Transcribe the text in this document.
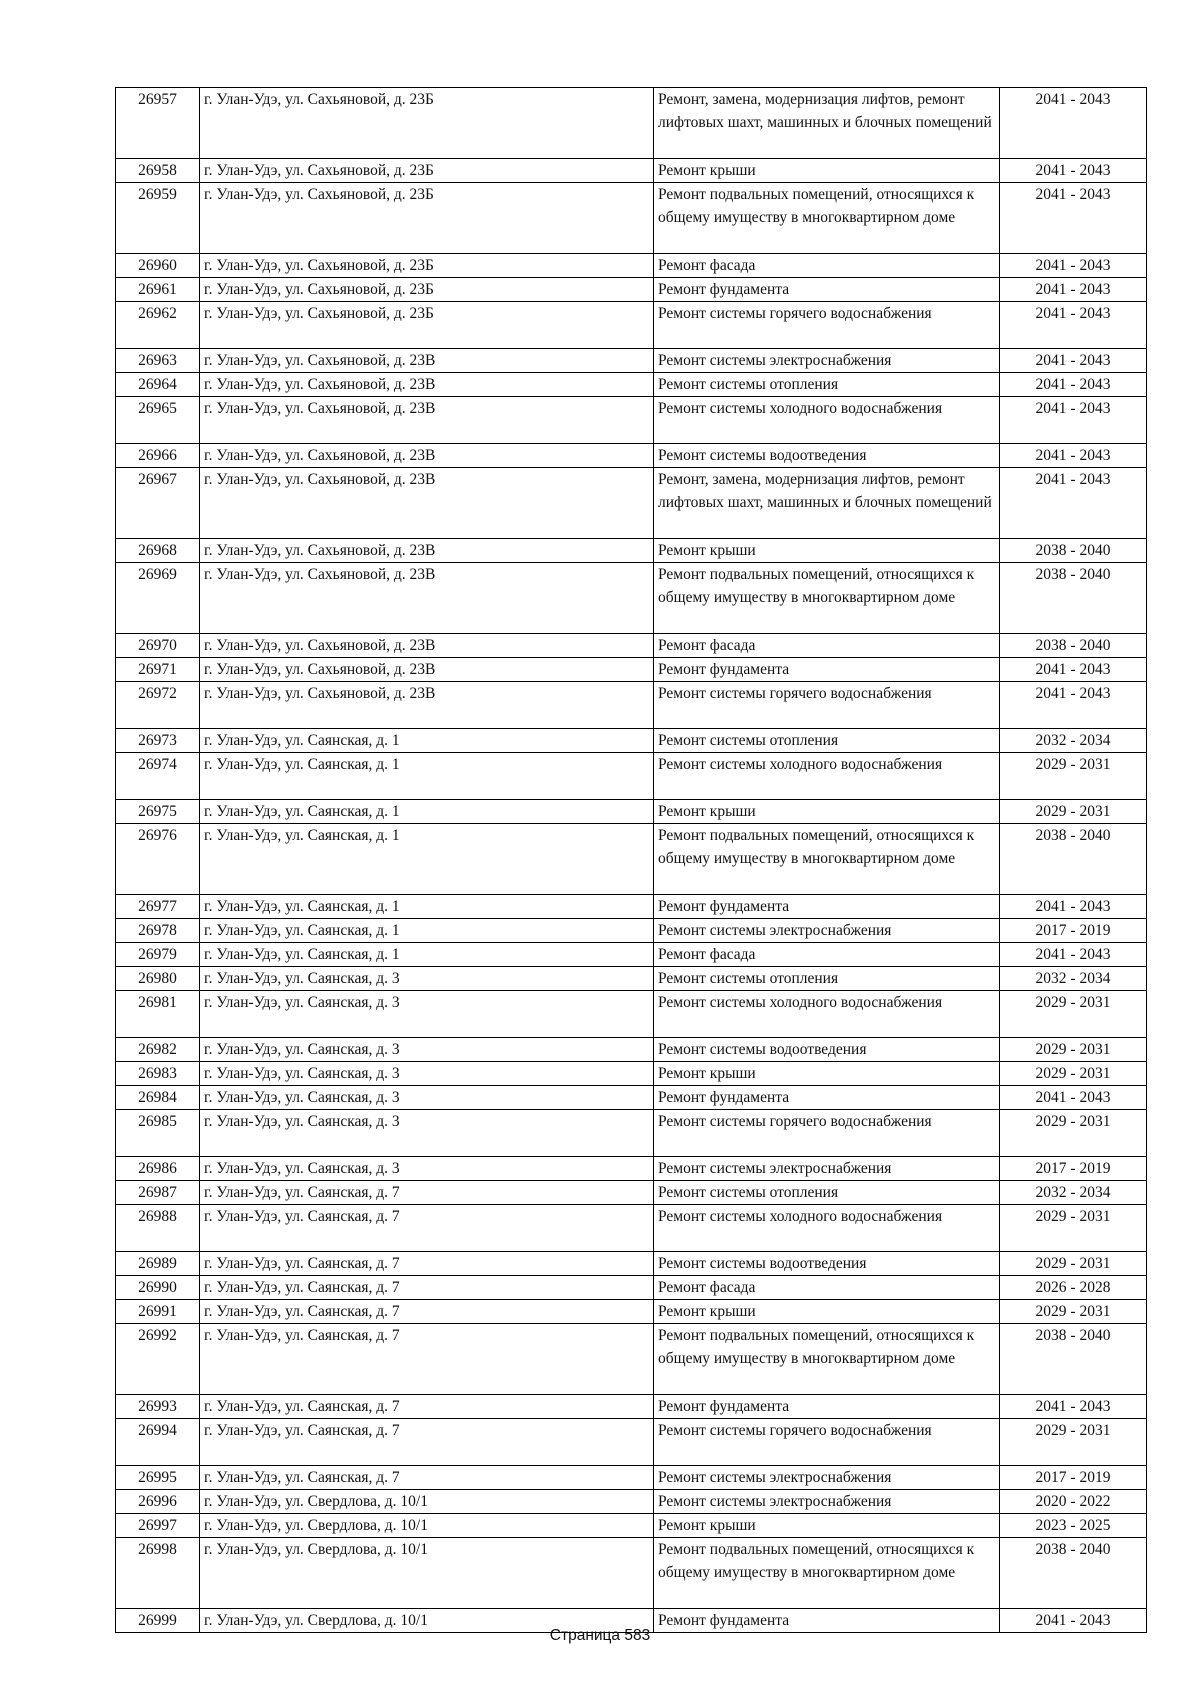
26957	г. Улан-Удэ, ул. Сахьяновой, д. 23Б	Ремонт, замена, модернизация лифтов, ремонт лифтовых шахт, машинных и блочных помещений	2041 - 2043
26958	г. Улан-Удэ, ул. Сахьяновой, д. 23Б	Ремонт крыши	2041 - 2043
26959	г. Улан-Удэ, ул. Сахьяновой, д. 23Б	Ремонт подвальных помещений, относящихся к общему имуществу в многоквартирном доме	2041 - 2043
26960	г. Улан-Удэ, ул. Сахьяновой, д. 23Б	Ремонт фасада	2041 - 2043
26961	г. Улан-Удэ, ул. Сахьяновой, д. 23Б	Ремонт фундамента	2041 - 2043
26962	г. Улан-Удэ, ул. Сахьяновой, д. 23Б	Ремонт системы горячего водоснабжения	2041 - 2043
26963	г. Улан-Удэ, ул. Сахьяновой, д. 23В	Ремонт системы электроснабжения	2041 - 2043
26964	г. Улан-Удэ, ул. Сахьяновой, д. 23В	Ремонт системы отопления	2041 - 2043
26965	г. Улан-Удэ, ул. Сахьяновой, д. 23В	Ремонт системы холодного водоснабжения	2041 - 2043
26966	г. Улан-Удэ, ул. Сахьяновой, д. 23В	Ремонт системы водоотведения	2041 - 2043
26967	г. Улан-Удэ, ул. Сахьяновой, д. 23В	Ремонт, замена, модернизация лифтов, ремонт лифтовых шахт, машинных и блочных помещений	2041 - 2043
26968	г. Улан-Удэ, ул. Сахьяновой, д. 23В	Ремонт крыши	2038 - 2040
26969	г. Улан-Удэ, ул. Сахьяновой, д. 23В	Ремонт подвальных помещений, относящихся к общему имуществу в многоквартирном доме	2038 - 2040
26970	г. Улан-Удэ, ул. Сахьяновой, д. 23В	Ремонт фасада	2038 - 2040
26971	г. Улан-Удэ, ул. Сахьяновой, д. 23В	Ремонт фундамента	2041 - 2043
26972	г. Улан-Удэ, ул. Сахьяновой, д. 23В	Ремонт системы горячего водоснабжения	2041 - 2043
26973	г. Улан-Удэ, ул. Саянская, д. 1	Ремонт системы отопления	2032 - 2034
26974	г. Улан-Удэ, ул. Саянская, д. 1	Ремонт системы холодного водоснабжения	2029 - 2031
26975	г. Улан-Удэ, ул. Саянская, д. 1	Ремонт крыши	2029 - 2031
26976	г. Улан-Удэ, ул. Саянская, д. 1	Ремонт подвальных помещений, относящихся к общему имуществу в многоквартирном доме	2038 - 2040
26977	г. Улан-Удэ, ул. Саянская, д. 1	Ремонт фундамента	2041 - 2043
26978	г. Улан-Удэ, ул. Саянская, д. 1	Ремонт системы электроснабжения	2017 - 2019
26979	г. Улан-Удэ, ул. Саянская, д. 1	Ремонт фасада	2041 - 2043
26980	г. Улан-Удэ, ул. Саянская, д. 3	Ремонт системы отопления	2032 - 2034
26981	г. Улан-Удэ, ул. Саянская, д. 3	Ремонт системы холодного водоснабжения	2029 - 2031
26982	г. Улан-Удэ, ул. Саянская, д. 3	Ремонт системы водоотведения	2029 - 2031
26983	г. Улан-Удэ, ул. Саянская, д. 3	Ремонт крыши	2029 - 2031
26984	г. Улан-Удэ, ул. Саянская, д. 3	Ремонт фундамента	2041 - 2043
26985	г. Улан-Удэ, ул. Саянская, д. 3	Ремонт системы горячего водоснабжения	2029 - 2031
26986	г. Улан-Удэ, ул. Саянская, д. 3	Ремонт системы электроснабжения	2017 - 2019
26987	г. Улан-Удэ, ул. Саянская, д. 7	Ремонт системы отопления	2032 - 2034
26988	г. Улан-Удэ, ул. Саянская, д. 7	Ремонт системы холодного водоснабжения	2029 - 2031
26989	г. Улан-Удэ, ул. Саянская, д. 7	Ремонт системы водоотведения	2029 - 2031
26990	г. Улан-Удэ, ул. Саянская, д. 7	Ремонт фасада	2026 - 2028
26991	г. Улан-Удэ, ул. Саянская, д. 7	Ремонт крыши	2029 - 2031
26992	г. Улан-Удэ, ул. Саянская, д. 7	Ремонт подвальных помещений, относящихся к общему имуществу в многоквартирном доме	2038 - 2040
26993	г. Улан-Удэ, ул. Саянская, д. 7	Ремонт фундамента	2041 - 2043
26994	г. Улан-Удэ, ул. Саянская, д. 7	Ремонт системы горячего водоснабжения	2029 - 2031
26995	г. Улан-Удэ, ул. Саянская, д. 7	Ремонт системы электроснабжения	2017 - 2019
26996	г. Улан-Удэ, ул. Свердлова, д. 10/1	Ремонт системы электроснабжения	2020 - 2022
26997	г. Улан-Удэ, ул. Свердлова, д. 10/1	Ремонт крыши	2023 - 2025
26998	г. Улан-Удэ, ул. Свердлова, д. 10/1	Ремонт подвальных помещений, относящихся к общему имуществу в многоквартирном доме	2038 - 2040
26999	г. Улан-Удэ, ул. Свердлова, д. 10/1	Ремонт фундамента	2041 - 2043
Страница 583
